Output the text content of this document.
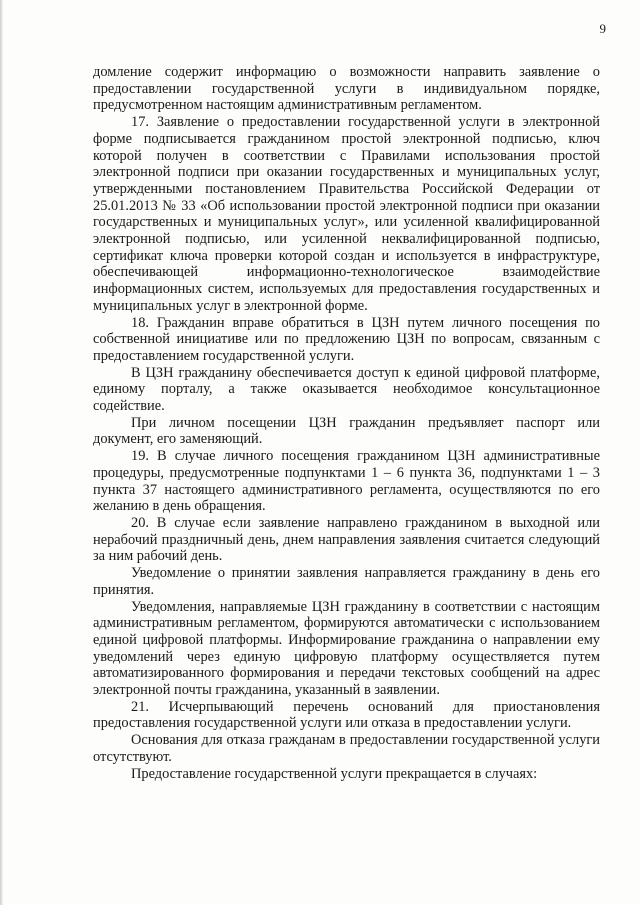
9

домление содержит информацию о возможности направить заявление о предоставлении государственной услуги в индивидуальном порядке, предусмотренном настоящим административным регламентом.

17. Заявление о предоставлении государственной услуги в электронной форме подписывается гражданином простой электронной подписью, ключ которой получен в соответствии с Правилами использования простой электронной подписи при оказании государственных и муниципальных услуг, утвержденными постановлением Правительства Российской Федерации от 25.01.2013 № 33 «Об использовании простой электронной подписи при оказании государственных и муниципальных услуг», или усиленной квалифицированной электронной подписью, или усиленной неквалифицированной подписью, сертификат ключа проверки которой создан и используется в инфраструктуре, обеспечивающей информационно-технологическое взаимодействие информационных систем, используемых для предоставления государственных и муниципальных услуг в электронной форме.

18. Гражданин вправе обратиться в ЦЗН путем личного посещения по собственной инициативе или по предложению ЦЗН по вопросам, связанным с предоставлением государственной услуги.

В ЦЗН гражданину обеспечивается доступ к единой цифровой платформе, единому порталу, а также оказывается необходимое консультационное содействие.

При личном посещении ЦЗН гражданин предъявляет паспорт или документ, его заменяющий.

19. В случае личного посещения гражданином ЦЗН административные процедуры, предусмотренные подпунктами 1 – 6 пункта 36, подпунктами 1 – 3 пункта 37 настоящего административного регламента, осуществляются по его желанию в день обращения.

20. В случае если заявление направлено гражданином в выходной или нерабочий праздничный день, днем направления заявления считается следующий за ним рабочий день.

Уведомление о принятии заявления направляется гражданину в день его принятия.

Уведомления, направляемые ЦЗН гражданину в соответствии с настоящим административным регламентом, формируются автоматически с использованием единой цифровой платформы. Информирование гражданина о направлении ему уведомлений через единую цифровую платформу осуществляется путем автоматизированного формирования и передачи текстовых сообщений на адрес электронной почты гражданина, указанный в заявлении.

21. Исчерпывающий перечень оснований для приостановления предоставления государственной услуги или отказа в предоставлении услуги.

Основания для отказа гражданам в предоставлении государственной услуги отсутствуют.

Предоставление государственной услуги прекращается в случаях:
